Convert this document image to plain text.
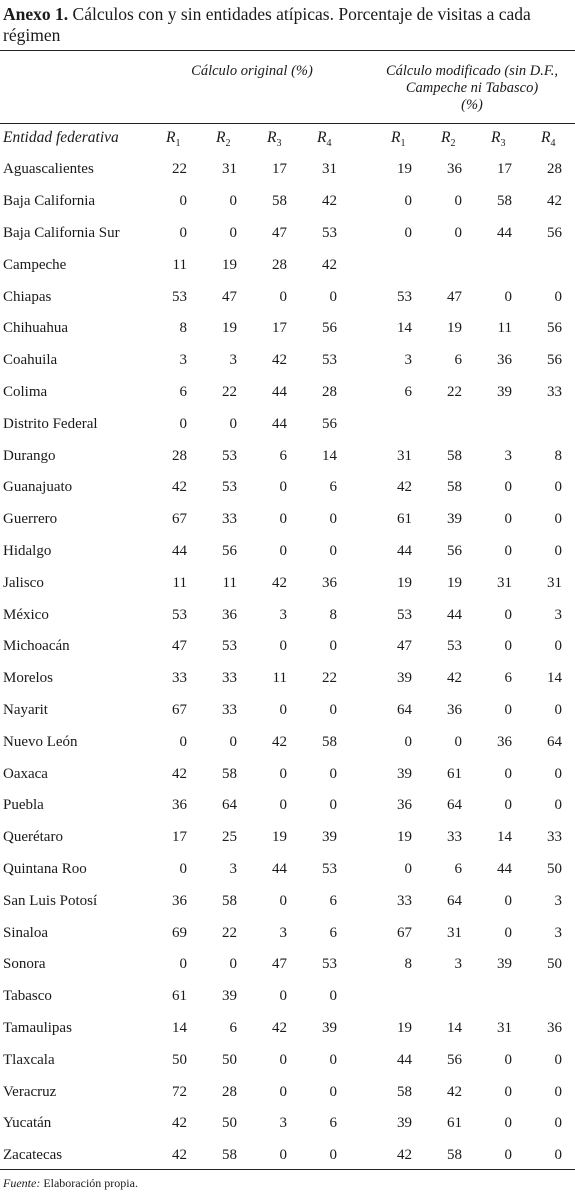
Anexo 1. Cálculos con y sin entidades atípicas. Porcentaje de visitas a cada régimen
Cálculo original (%)	Cálculo modificado (sin D.F.,
Campeche ni Tabasco)
(%)
Entidad federativa	$R_1$ $R_2$ $R_3$ $R_4$	$R_1$ $R_2$ $R_3$ $R_4$
Aguascalientes	22	31	17	31	19	36	17	28	
Baja California	0	0	58	42	0	0	58	42	
Baja California Sur	0	0	47	53	0	0	44	56	
Campeche	11	19	28	42					
Chiapas	53	47	0	0	53	47	0	0	
Chihuahua	8	19	17	56	14	19	11	56	
Coahuila	3	3	42	53	3	6	36	56	
Colima	6	22	44	28	6	22	39	33	
Distrito Federal	0	0	44	56					
Durango	28	53	6	14	31	58	3	8	
Guanajuato	42	53	0	6	42	58	0	0	
Guerrero	67	33	0	0	61	39	0	0	
Hidalgo	44	56	0	0	44	56	0	0	
Jalisco	11	11	42	36	19	19	31	31	
México	53	36	3	8	53	44	0	3	
Michoacán	47	53	0	0	47	53	0	0	
Morelos	33	33	11	22	39	42	6	14	
Nayarit	67	33	0	0	64	36	0	0	
Nuevo León	0	0	42	58	0	0	36	64	
Oaxaca	42	58	0	0	39	61	0	0	
Puebla	36	64	0	0	36	64	0	0	
Querétaro	17	25	19	39	19	33	14	33	
Quintana Roo	0	3	44	53	0	6	44	50	
San Luis Potosí	36	58	0	6	33	64	0	3	
Sinaloa	69	22	3	6	67	31	0	3	
Sonora	0	0	47	53	8	3	39	50	
Tabasco	61	39	0	0					
Tamaulipas	14	6	42	39	19	14	31	36	
Tlaxcala	50	50	0	0	44	56	0	0	
Veracruz	72	28	0	0	58	42	0	0	
Yucatán	42	50	3	6	39	61	0	0	
Zacatecas	42	58	0	0	42	58	0	0	
Fuente: Elaboración propia.
